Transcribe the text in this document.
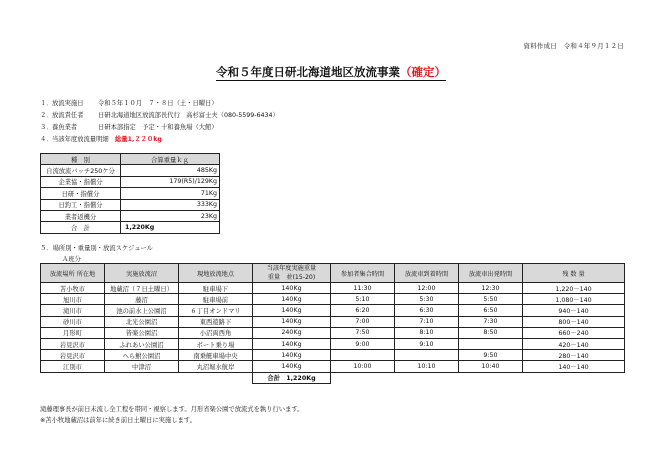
資料作成日　令和４年９月１２日
令和５年度日研北海道地区放流事業（確定）
１．放流実施日 令和５年１０月　７・８日（土・日曜日）
２．放流責任者 日研北海道地区放流部長代行　高杉富士夫（080-5599-6434）
３．養魚業者	日研本部指定　予定・十和養魚場（大館）
４．当該年度放流量明細  総量1,２２０kg
種　別	合算重量ｋｇ
自流放流バッチ250ケ分	485Kg
企業協・指償分	179(R5)/129Kg
日研・指償分	71Kg
日釣工・指償分	333Kg
業者返機分	23Kg
合　計	1,220Kg
５．場所別・重量別・放流スケジュール
Ａ班分
放流場所 所在地	実施放流沼	現地放流地点	当該年度実施重量
重量　並(15-20)	参加者集合時間	放流車到着時間	放流車出発時間	残 数 量
苫小牧市	地蔵沼（７日土曜日）	駐車場下	140Kg	11:30	12:00	12:30	1,220－140
旭川市	藤沼	駐車場前	140Kg	5:10	5:30	5:50	1,080－140
滝川市	池の前水上公園沼	６丁目オンドマリ	140Kg	6:20	6:30	6:50	940－140
砂川市	北光公園沼	東西遊路下	140Kg	7:00	7:10	7:30	800－140
月形町	皆楽公園沼	小沼両西角	240Kg	7:50	8:10	8:50	660－240
岩見沢市	ふれあい公園沼	ボート乗り場	140Kg	9:00	9:10		420－140
岩見沢市	へら鮒公園沼	南乗艇車場中央	140Kg			9:50	280－140
江別市	中津沼	丸沼堀水航岸	140Kg	10:00	10:10	10:40	140－140
			合計  1,220Kg				
滝藤理事長が前日未流し全工程を帯同・視察します。月形省楽公園で放流式を執り行います。
※苫小牧地蔵沼は前年に続き前日土曜日に実施します。
